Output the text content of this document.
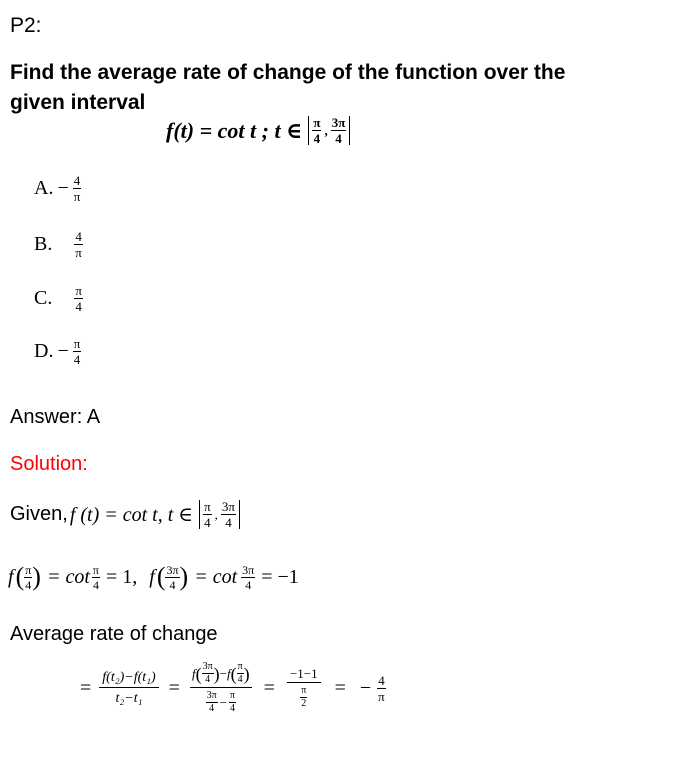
P2:
Find the average rate of change of the function over the
given interval
f(t) = cot t ; t ∈ $\frac{\pi}{4}$ , $\frac{3\pi}{4}$
A. − $\frac{4}{\pi}$
B. $\frac{4}{\pi}$
C. $\frac{\pi}{4}$
D. − $\frac{\pi}{4}$
Answer: A
Solution:
Given, f (t) = cot t, t ∈ $\frac{\pi}{4}$ , $\frac{3\pi}{4}$
f ( $\frac{\pi}{4}$ ) = $\cot \frac{\pi}{4} = 1$, f ( $\frac{3\pi}{4}$ ) = $\cot \frac{3\pi}{4} = -1$
Average rate of change
= $\frac{\text{f(t₂)−f(t₁)}}{\text{t₂−t₁}} = \frac{f ( \frac{3\pi}{4} ) - f ( \frac{\pi}{4} )}{\frac{3\pi}{4} - \frac{\pi}{4}} = \frac{-1-1}{\frac{\pi}{2}}$ = − $\frac{4}{\pi}$
